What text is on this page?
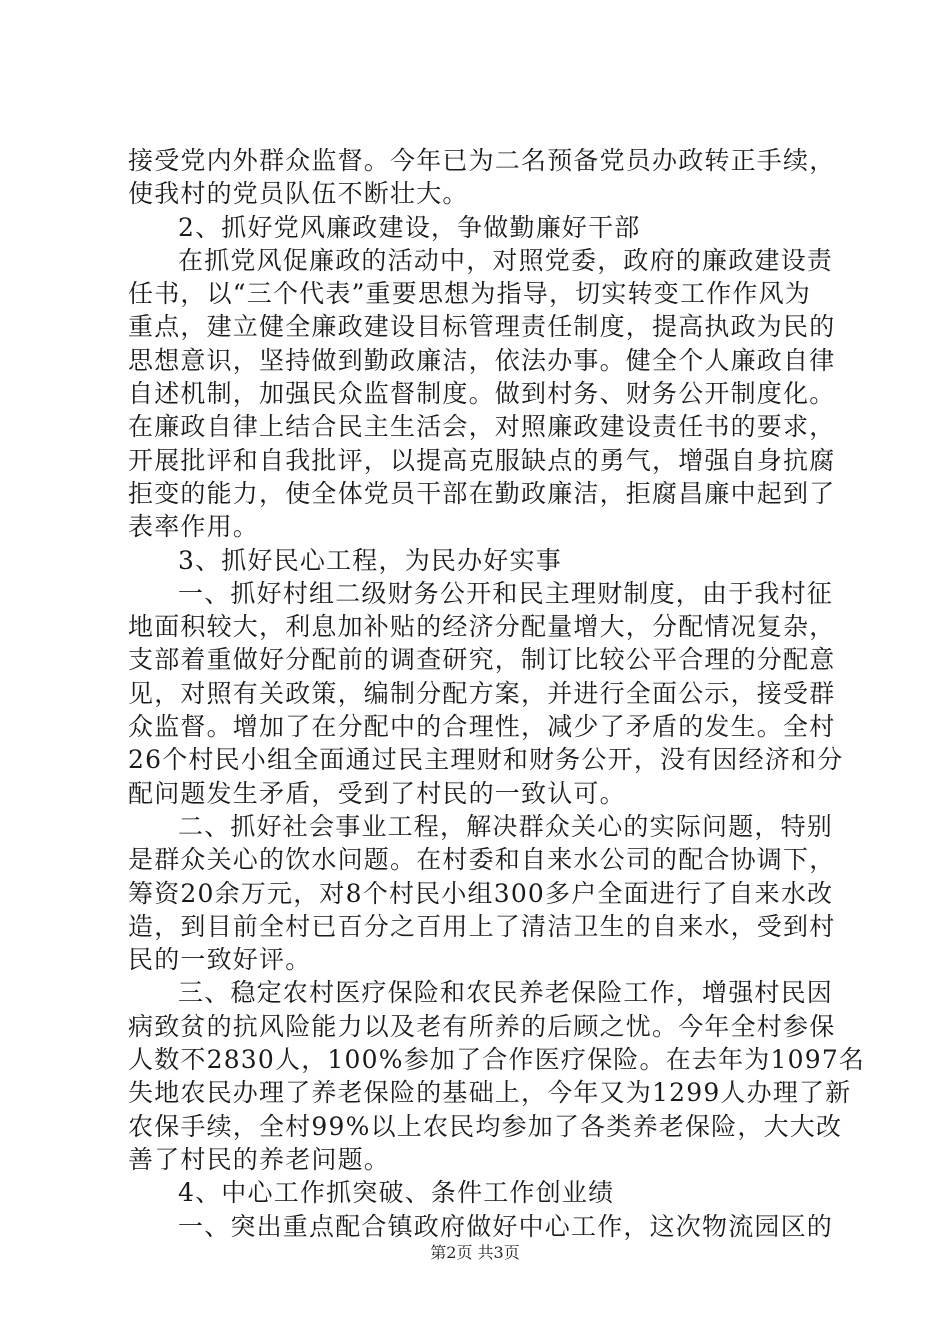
接受党内外群众监督。今年已为二名预备党员办政转正手续，
使我村的党员队伍不断壮大。
2、抓好党风廉政建设，争做勤廉好干部
在抓党风促廉政的活动中，对照党委，政府的廉政建设责
任书，以“三个代表”重要思想为指导，切实转变工作作风为
重点，建立健全廉政建设目标管理责任制度，提高执政为民的
思想意识，坚持做到勤政廉洁，依法办事。健全个人廉政自律
自述机制，加强民众监督制度。做到村务、财务公开制度化。
在廉政自律上结合民主生活会，对照廉政建设责任书的要求，
开展批评和自我批评，以提高克服缺点的勇气，增强自身抗腐
拒变的能力，使全体党员干部在勤政廉洁，拒腐昌廉中起到了
表率作用。
3、抓好民心工程，为民办好实事
一、抓好村组二级财务公开和民主理财制度，由于我村征
地面积较大，利息加补贴的经济分配量增大，分配情况复杂，
支部着重做好分配前的调查研究，制订比较公平合理的分配意
见，对照有关政策，编制分配方案，并进行全面公示，接受群
众监督。增加了在分配中的合理性，减少了矛盾的发生。全村
26个村民小组全面通过民主理财和财务公开，没有因经济和分
配问题发生矛盾，受到了村民的一致认可。
二、抓好社会事业工程，解决群众关心的实际问题，特别
是群众关心的饮水问题。在村委和自来水公司的配合协调下，
筹资20余万元，对8个村民小组300多户全面进行了自来水改
造，到目前全村已百分之百用上了清洁卫生的自来水，受到村
民的一致好评。
三、稳定农村医疗保险和农民养老保险工作，增强村民因
病致贫的抗风险能力以及老有所养的后顾之忧。今年全村参保
人数不2830人，100%参加了合作医疗保险。在去年为1097名
失地农民办理了养老保险的基础上，今年又为1299人办理了新
农保手续，全村99%以上农民均参加了各类养老保险，大大改
善了村民的养老问题。
4、中心工作抓突破、条件工作创业绩
一、突出重点配合镇政府做好中心工作，这次物流园区的
第2页 共3页
